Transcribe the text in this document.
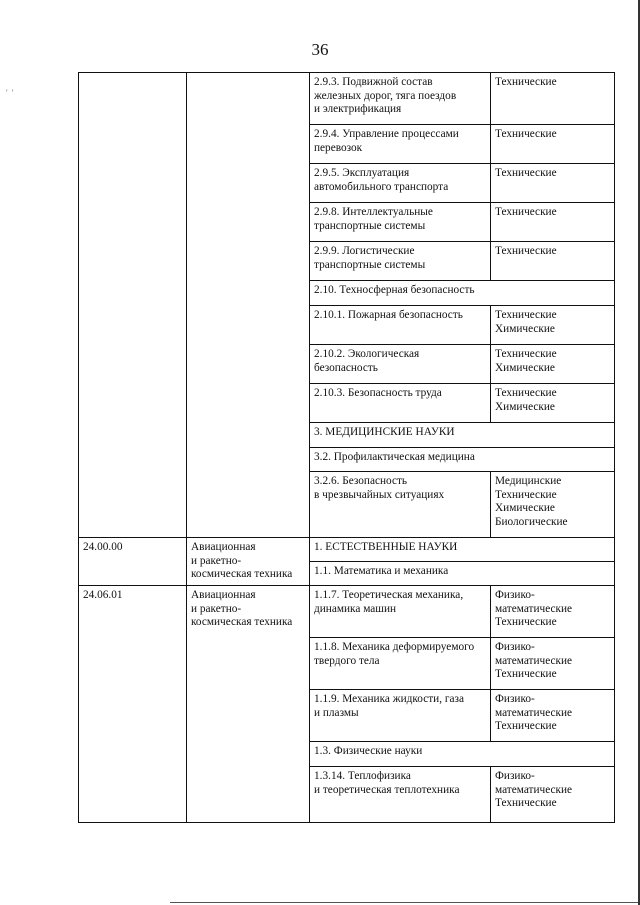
36
' '
		2.9.3. Подвижной состав
железных дорог, тяга поездов
и электрификация	Технические
		2.9.4. Управление процессами
перевозок	Технические
		2.9.5. Эксплуатация
автомобильного транспорта	Технические
		2.9.8. Интеллектуальные
транспортные системы	Технические
		2.9.9. Логистические
транспортные системы	Технические
		2.10. Техносферная безопасность	
		2.10.1. Пожарная безопасность	Технические
Химические
		2.10.2. Экологическая
безопасность	Технические
Химические
		2.10.3. Безопасность труда	Технические
Химические
		3. МЕДИЦИНСКИЕ НАУКИ	
		3.2. Профилактическая медицина	
		3.2.6. Безопасность
в чрезвычайных ситуациях	Медицинские
Технические
Химические
Биологические
24.00.00	Авиационная
и ракетно-
космическая техника	1. ЕСТЕСТВЕННЫЕ НАУКИ	
		1.1. Математика и механика	
24.06.01	Авиационная
и ракетно-
космическая техника	1.1.7. Теоретическая механика,
динамика машин	Физико-
математические
Технические
		1.1.8. Механика деформируемого
твердого тела	Физико-
математические
Технические
		1.1.9. Механика жидкости, газа
и плазмы	Физико-
математические
Технические
		1.3. Физические науки	
		1.3.14. Теплофизика
и теоретическая теплотехника	Физико-
математические
Технические
